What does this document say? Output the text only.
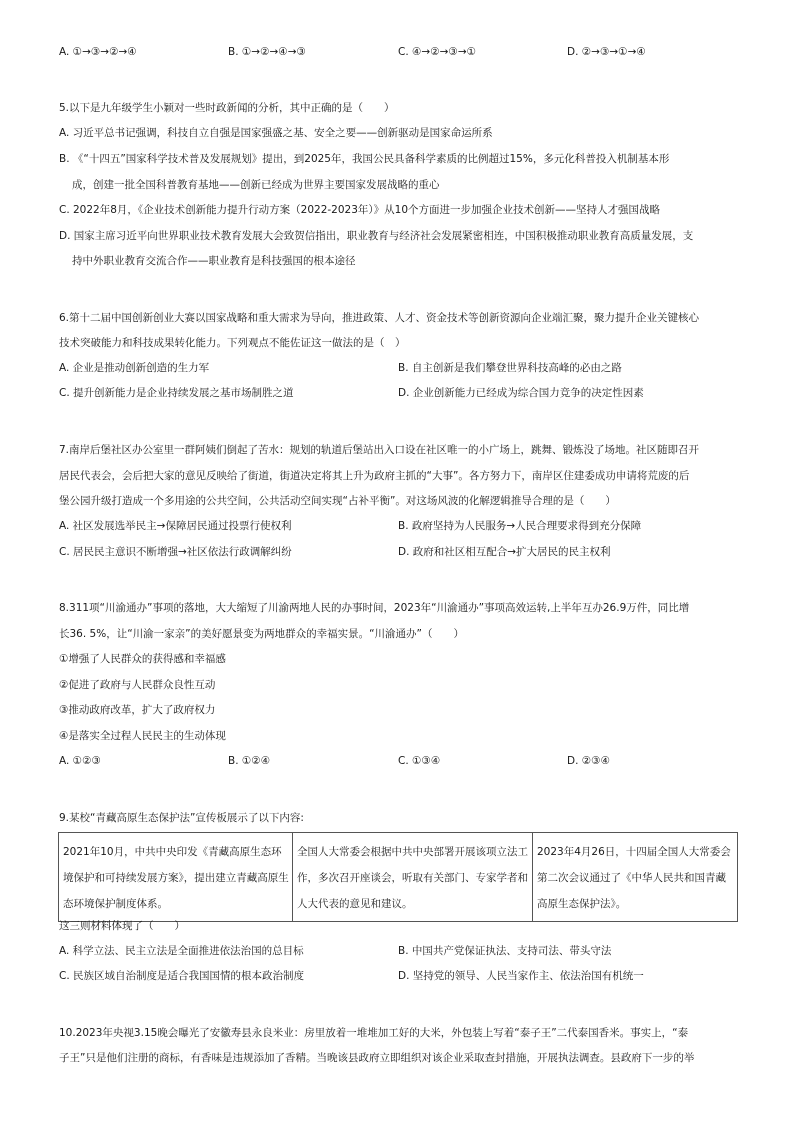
A. ①→③→②→④	B. ①→②→④→③	C. ④→②→③→①	D. ②→③→①→④
5.以下是九年级学生小颖对一些时政新闻的分析，其中正确的是（　　）
A. 习近平总书记强调，科技自立自强是国家强盛之基、安全之要——创新驱动是国家命运所系
B. 《“十四五”国家科学技术普及发展规划》提出，到2025年，我国公民具备科学素质的比例超过15%，多元化科普投入机制基本形
成，创建一批全国科普教育基地——创新已经成为世界主要国家发展战略的重心
C. 2022年8月，《企业技术创新能力提升行动方案（2022-2023年）》从10个方面进一步加强企业技术创新——坚持人才强国战略
D. 国家主席习近平向世界职业技术教育发展大会致贺信指出，职业教育与经济社会发展紧密相连，中国积极推动职业教育高质量发展，支
持中外职业教育交流合作——职业教育是科技强国的根本途径
6.第十二届中国创新创业大赛以国家战略和重大需求为导向，推进政策、人才、资金技术等创新资源向企业端汇聚，聚力提升企业关键核心
技术突破能力和科技成果转化能力。下列观点不能佐证这一做法的是（　）
A. 企业是推动创新创造的生力军	B. 自主创新是我们攀登世界科技高峰的必由之路
C. 提升创新能力是企业持续发展之基市场制胜之道	D. 企业创新能力已经成为综合国力竞争的决定性因素
7.南岸后堡社区办公室里一群阿姨们倒起了苦水：规划的轨道后堡站出入口设在社区唯一的小广场上，跳舞、锻炼没了场地。社区随即召开
居民代表会，会后把大家的意见反映给了街道，街道决定将其上升为政府主抓的“大事”。各方努力下，南岸区住建委成功申请将荒废的后
堡公园升级打造成一个多用途的公共空间，公共活动空间实现“占补平衡”。对这场风波的化解逻辑推导合理的是（　　）
A. 社区发展选举民主→保障居民通过投票行使权利	B. 政府坚持为人民服务→人民合理要求得到充分保障
C. 居民民主意识不断增强→社区依法行政调解纠纷	D. 政府和社区相互配合→扩大居民的民主权利
8.311项“川渝通办”事项的落地，大大缩短了川渝两地人民的办事时间，2023年“川渝通办”事项高效运转,上半年互办26.9万件，同比增
长36. 5%，让“川渝一家亲”的美好愿景变为两地群众的幸福实景。“川渝通办”（　　）
①增强了人民群众的获得感和幸福感
②促进了政府与人民群众良性互动
③推动政府改革，扩大了政府权力
④是落实全过程人民民主的生动体现
A. ①②③	B. ①②④	C. ①③④	D. ②③④
9.某校“青藏高原生态保护法”宣传板展示了以下内容:
2021年10月，中共中央印发《青藏高原生态环境保护和可持续发展方案》，提出建立青藏高原生态环境保护制度体系。	全国人大常委会根据中共中央部署开展该项立法工作，多次召开座谈会，听取有关部门、专家学者和人大代表的意见和建议。	2023年4月26日，十四届全国人大常委会第二次会议通过了《中华人民共和国青藏高原生态保护法》。
这三则材料体现了（　　）
A. 科学立法、民主立法是全面推进依法治国的总目标	B. 中国共产党保证执法、支持司法、带头守法
C. 民族区域自治制度是适合我国国情的根本政治制度	D. 坚持党的领导、人民当家作主、依法治国有机统一
10.2023年央视3.15晚会曝光了安徽寿县永良米业：房里放着一堆堆加工好的大米，外包装上写着“泰子王”二代泰国香米。事实上，“泰
子王”只是他们注册的商标，有香味是违规添加了香精。当晚该县政府立即组织对该企业采取查封措施，开展执法调查。县政府下一步的举
